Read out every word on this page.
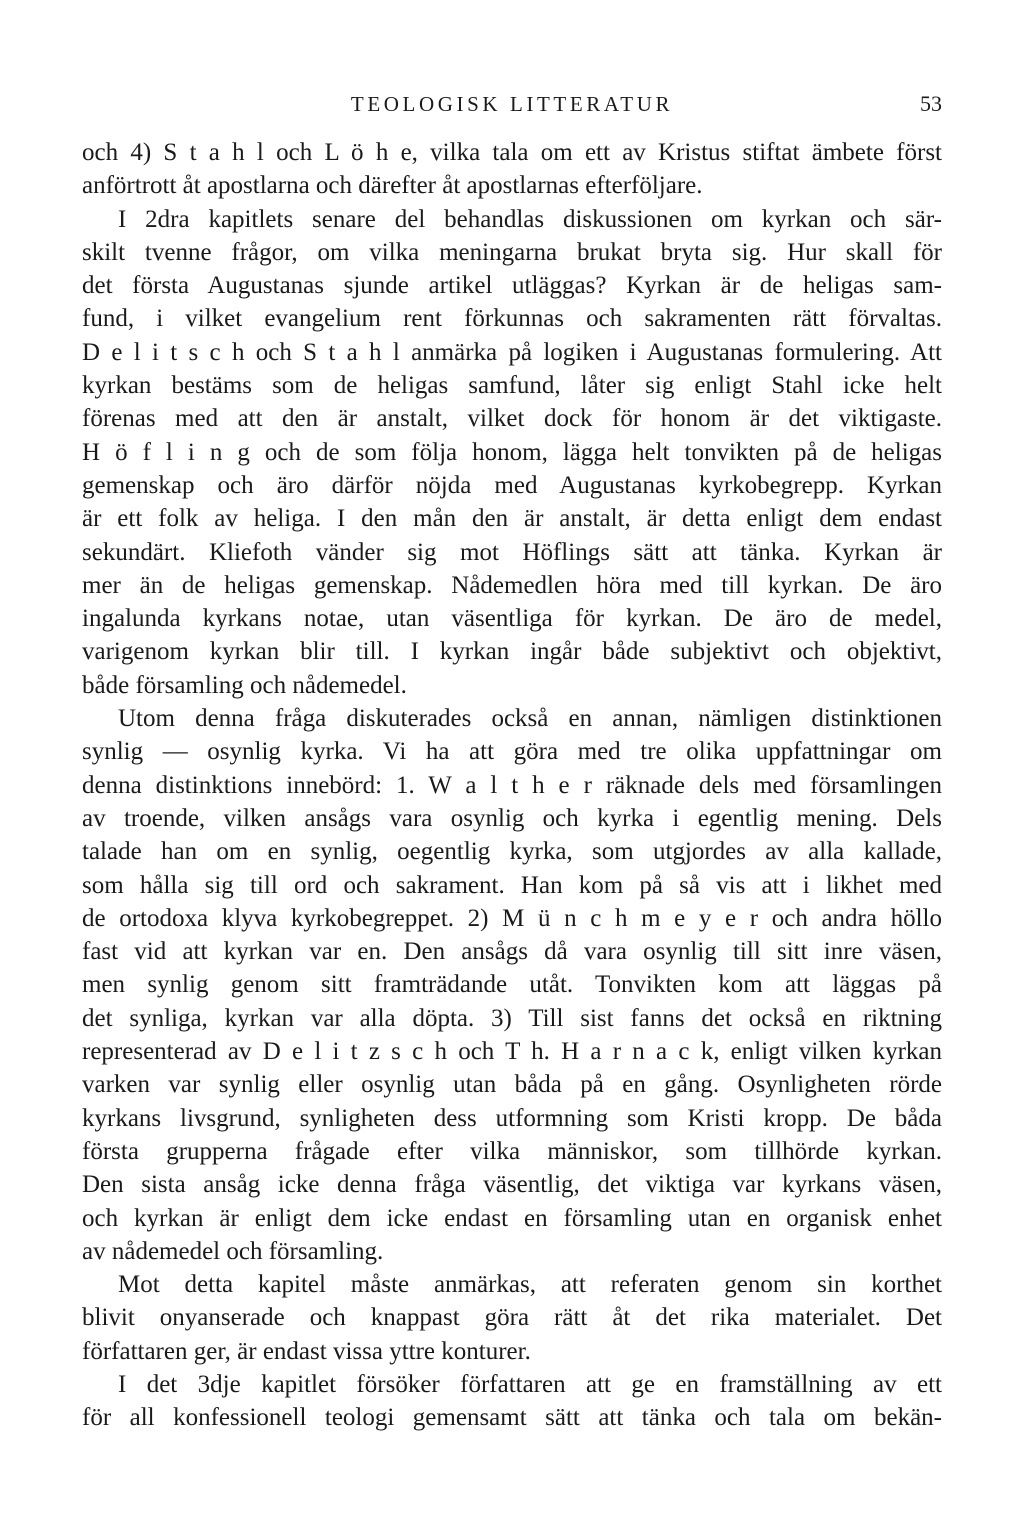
TEOLOGISK LITTERATUR	53
och 4) S t a h l och L ö h e, vilka tala om ett av Kristus stiftat ämbete först
anförtrott åt apostlarna och därefter åt apostlarnas efterföljare.
I 2dra kapitlets senare del behandlas diskussionen om kyrkan och sär-
skilt tvenne frågor, om vilka meningarna brukat bryta sig. Hur skall för
det första Augustanas sjunde artikel utläggas? Kyrkan är de heligas sam-
fund, i vilket evangelium rent förkunnas och sakramenten rätt förvaltas.
D e l i t s c h och S t a h l anmärka på logiken i Augustanas formulering. Att
kyrkan bestäms som de heligas samfund, låter sig enligt Stahl icke helt
förenas med att den är anstalt, vilket dock för honom är det viktigaste.
H ö f l i n g och de som följa honom, lägga helt tonvikten på de heligas
gemenskap och äro därför nöjda med Augustanas kyrkobegrepp. Kyrkan
är ett folk av heliga. I den mån den är anstalt, är detta enligt dem endast
sekundärt. Kliefoth vänder sig mot Höflings sätt att tänka. Kyrkan är
mer än de heligas gemenskap. Nådemedlen höra med till kyrkan. De äro
ingalunda kyrkans notae, utan väsentliga för kyrkan. De äro de medel,
varigenom kyrkan blir till. I kyrkan ingår både subjektivt och objektivt,
både församling och nådemedel.
Utom denna fråga diskuterades också en annan, nämligen distinktionen
synlig — osynlig kyrka. Vi ha att göra med tre olika uppfattningar om
denna distinktions innebörd: 1. W a l t h e r räknade dels med församlingen
av troende, vilken ansågs vara osynlig och kyrka i egentlig mening. Dels
talade han om en synlig, oegentlig kyrka, som utgjordes av alla kallade,
som hålla sig till ord och sakrament. Han kom på så vis att i likhet med
de ortodoxa klyva kyrkobegreppet. 2) M ü n c h m e y e r och andra höllo
fast vid att kyrkan var en. Den ansågs då vara osynlig till sitt inre väsen,
men synlig genom sitt framträdande utåt. Tonvikten kom att läggas på
det synliga, kyrkan var alla döpta. 3) Till sist fanns det också en riktning
representerad av D e l i t z s c h och T h. H a r n a c k, enligt vilken kyrkan
varken var synlig eller osynlig utan båda på en gång. Osynligheten rörde
kyrkans livsgrund, synligheten dess utformning som Kristi kropp. De båda
första grupperna frågade efter vilka människor, som tillhörde kyrkan.
Den sista ansåg icke denna fråga väsentlig, det viktiga var kyrkans väsen,
och kyrkan är enligt dem icke endast en församling utan en organisk enhet
av nådemedel och församling.
Mot detta kapitel måste anmärkas, att referaten genom sin korthet
blivit onyanserade och knappast göra rätt åt det rika materialet. Det
författaren ger, är endast vissa yttre konturer.
I det 3dje kapitlet försöker författaren att ge en framställning av ett
för all konfessionell teologi gemensamt sätt att tänka och tala om bekän-
